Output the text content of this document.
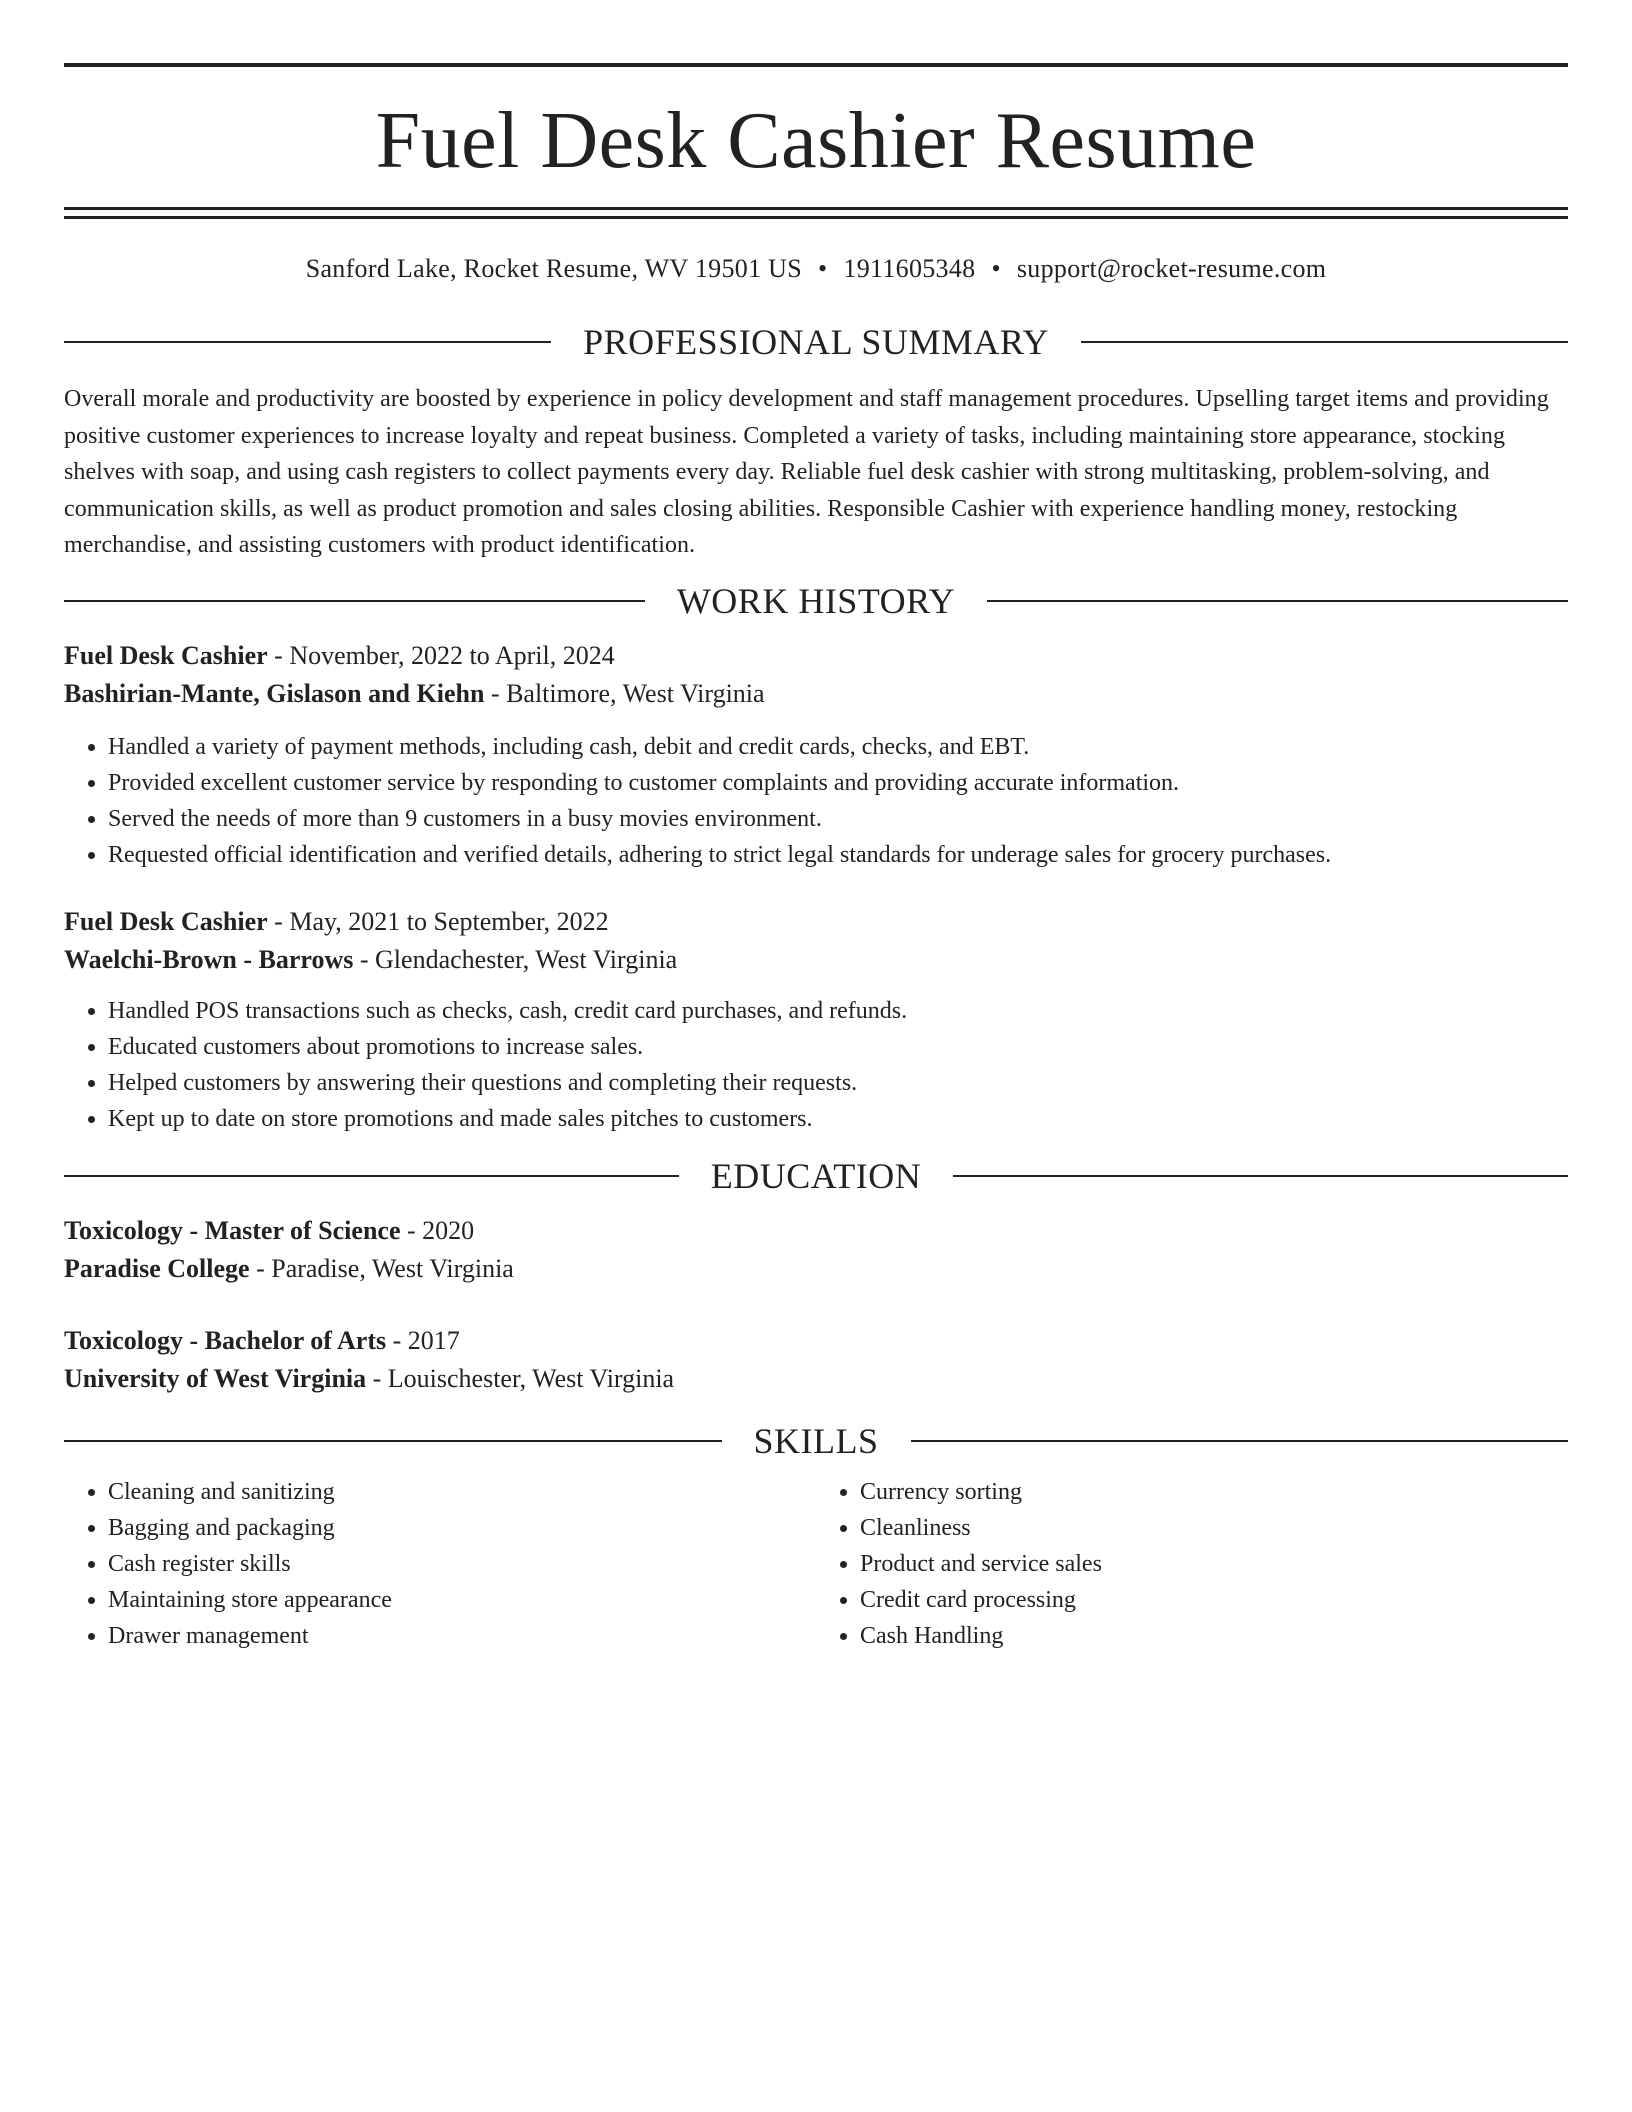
Fuel Desk Cashier Resume
Sanford Lake, Rocket Resume, WV 19501 US • 1911605348 • support@rocket-resume.com
PROFESSIONAL SUMMARY

Overall morale and productivity are boosted by experience in policy development and staff management procedures. Upselling target items and providing positive customer experiences to increase loyalty and repeat business. Completed a variety of tasks, including maintaining store appearance, stocking shelves with soap, and using cash registers to collect payments every day. Reliable fuel desk cashier with strong multitasking, problem-solving, and communication skills, as well as product promotion and sales closing abilities. Responsible Cashier with experience handling money, restocking merchandise, and assisting customers with product identification.

WORK HISTORY

Fuel Desk Cashier - November, 2022 to April, 2024

Bashirian-Mante, Gislason and Kiehn - Baltimore, West Virginia

• Handled a variety of payment methods, including cash, debit and credit cards, checks, and EBT.
• Provided excellent customer service by responding to customer complaints and providing accurate information.
• Served the needs of more than 9 customers in a busy movies environment.
• Requested official identification and verified details, adhering to strict legal standards for underage sales for grocery purchases.

Fuel Desk Cashier - May, 2021 to September, 2022

Waelchi-Brown - Barrows - Glendachester, West Virginia

• Handled POS transactions such as checks, cash, credit card purchases, and refunds.
• Educated customers about promotions to increase sales.
• Helped customers by answering their questions and completing their requests.
• Kept up to date on store promotions and made sales pitches to customers.
EDUCATION

Toxicology - Master of Science - 2020

Paradise College - Paradise, West Virginia

Toxicology - Bachelor of Arts - 2017

University of West Virginia - Louischester, West Virginia

SKILLS
• Cleaning and sanitizing
• Bagging and packaging
• Cash register skills
• Maintaining store appearance
• Drawer management
• Currency sorting
• Cleanliness
• Product and service sales
• Credit card processing
• Cash Handling
